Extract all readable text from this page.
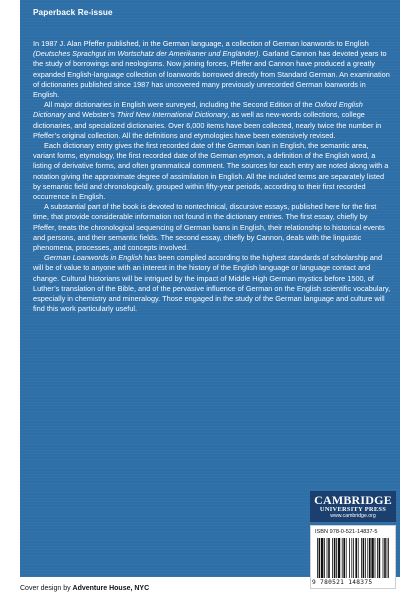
Paperback Re-issue

In 1987 J. Alan Pfeffer published, in the German language, a collection of German loanwords to English (Deutsches Sprachgut im Wortschatz der Amerikaner und Engländer). Garland Cannon has devoted years to the study of borrowings and neologisms. Now joining forces, Pfeffer and Cannon have produced a greatly expanded English-language collection of loanwords borrowed directly from Standard German. An examination of dictionaries published since 1987 has uncovered many previously unrecorded German loanwords in English.

All major dictionaries in English were surveyed, including the Second Edition of the Oxford English Dictionary and Webster’s Third New International Dictionary, as well as new-words collections, college dictionaries, and specialized dictionaries. Over 6,000 items have been collected, nearly twice the number in Pfeffer’s original collection. All the definitions and etymologies have been extensively revised.

Each dictionary entry gives the first recorded date of the German loan in English, the semantic area, variant forms, etymology, the first recorded date of the German etymon, a definition of the English word, a listing of derivative forms, and often grammatical comment. The sources for each entry are noted along with a notation giving the approximate degree of assimilation in English. All the included terms are separately listed by semantic field and chronologically, grouped within fifty-year periods, according to their first recorded occurrence in English.

A substantial part of the book is devoted to nontechnical, discursive essays, published here for the first time, that provide considerable information not found in the dictionary entries. The first essay, chiefly by Pfeffer, treats the chronological sequencing of German loans in English, their relationship to historical events and persons, and their semantic fields. The second essay, chiefly by Cannon, deals with the linguistic phenomena, processes, and concepts involved.

German Loanwords in English has been compiled according to the highest standards of scholarship and will be of value to anyone with an interest in the history of the English language or language contact and change. Cultural historians will be intrigued by the impact of Middle High German mystics before 1500, of Luther’s translation of the Bible, and of the pervasive influence of German on the English scientific vocabulary, especially in chemistry and mineralogy. Those engaged in the study of the German language and culture will find this work particularly useful.

CAMBRIDGE
UNIVERSITY PRESS
www.cambridge.org
ISBN 978-0-521-14837-5
9 780521 148375
Cover design by Adventure House, NYC
